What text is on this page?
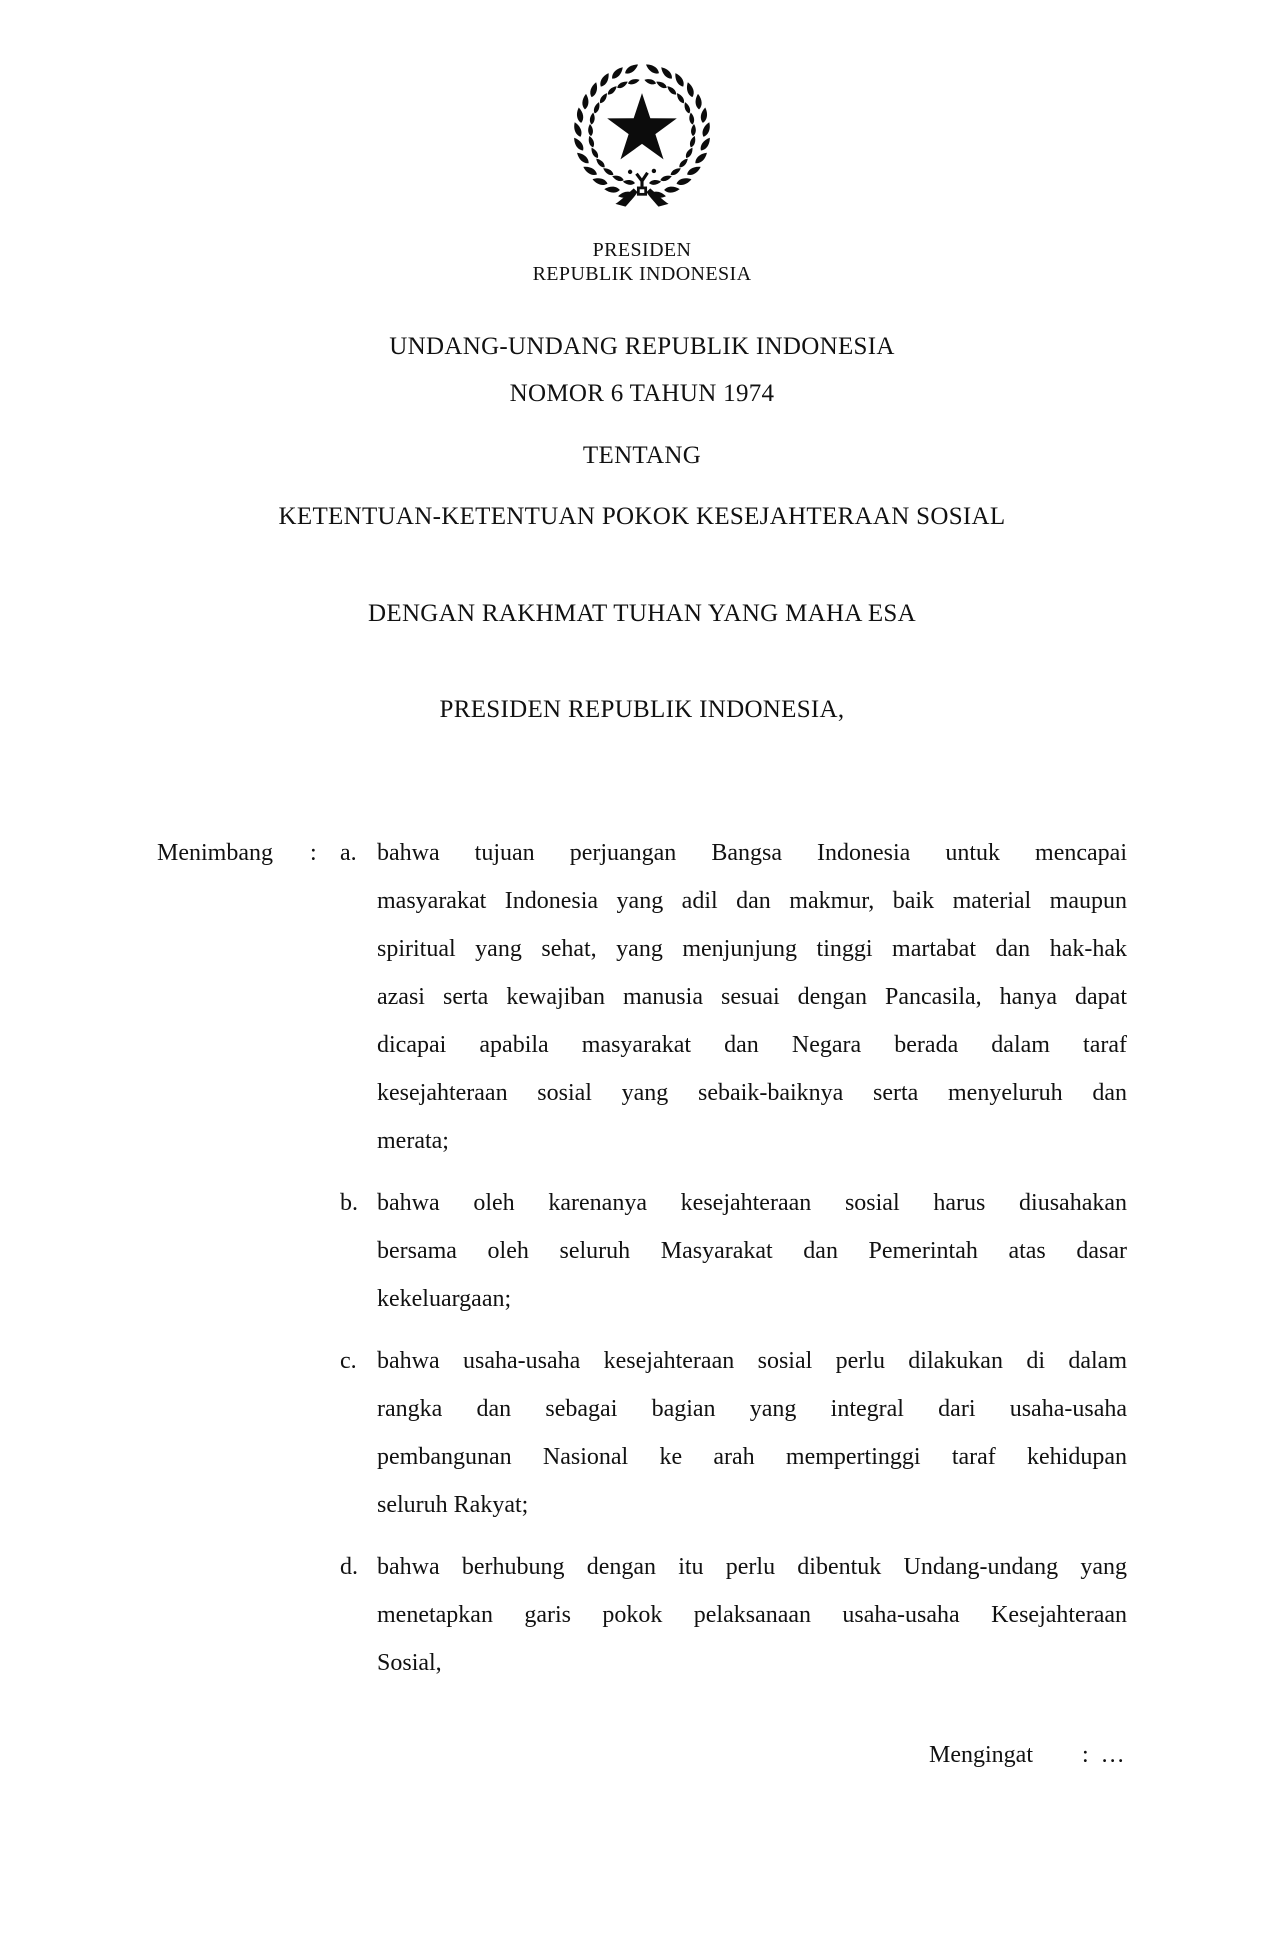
PRESIDEN
REPUBLIK INDONESIA
UNDANG-UNDANG REPUBLIK INDONESIA
NOMOR 6 TAHUN 1974
TENTANG
KETENTUAN-KETENTUAN POKOK KESEJAHTERAAN SOSIAL
DENGAN RAKHMAT TUHAN YANG MAHA ESA
PRESIDEN REPUBLIK INDONESIA,
Menimbang	: a. bahwa tujuan perjuangan Bangsa Indonesia untuk mencapai
masyarakat Indonesia yang adil dan makmur, baik material maupun
spiritual yang sehat, yang menjunjung tinggi martabat dan hak-hak
azasi serta kewajiban manusia sesuai dengan Pancasila, hanya dapat
dicapai apabila masyarakat dan Negara berada dalam taraf
kesejahteraan sosial yang sebaik-baiknya serta menyeluruh dan
merata;
b. bahwa oleh karenanya kesejahteraan sosial harus diusahakan
bersama oleh seluruh Masyarakat dan Pemerintah atas dasar
kekeluargaan;
c. bahwa usaha-usaha kesejahteraan sosial perlu dilakukan di dalam
rangka dan sebagai bagian yang integral dari usaha-usaha
pembangunan Nasional ke arah mempertinggi taraf kehidupan
seluruh Rakyat;
d. bahwa berhubung dengan itu perlu dibentuk Undang-undang yang
menetapkan garis pokok pelaksanaan usaha-usaha Kesejahteraan
Sosial,
Mengingat	: …
